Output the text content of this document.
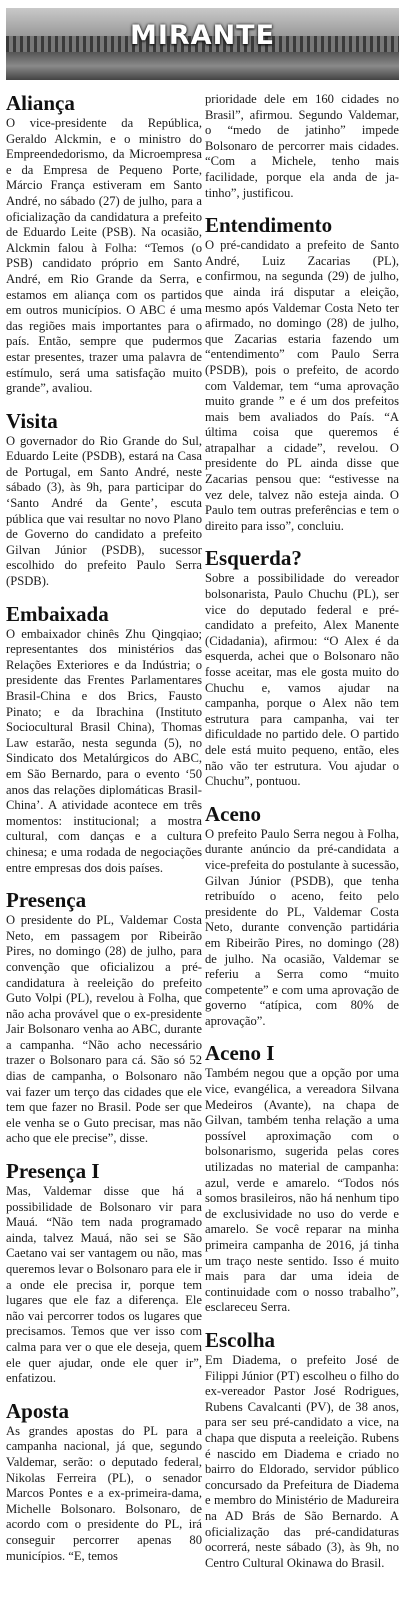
MIRANTE
Aliança

O vice-presidente da República, Geraldo Alckmin, e o ministro do Empreendedorismo, da Microempresa e da Empresa de Pequeno Porte, Márcio França estiveram em Santo André, no sábado (27) de julho, para a oficialização da candidatura a prefeito de Eduardo Leite (PSB). Na ocasião, Alckmin falou à Folha: “Temos (o PSB) candidato próprio em Santo André, em Rio Grande da Serra, e estamos em aliança com os partidos em outros municípios. O ABC é uma das regiões mais importantes para o país. Então, sempre que pudermos estar presentes, trazer uma palavra de estímulo, será uma satisfação muito grande”, avaliou.

Visita

O governador do Rio Grande do Sul, Eduardo Leite (PSDB), estará na Casa de Portugal, em Santo André, neste sábado (3), às 9h, para participar do ‘Santo André da Gente’, escuta pública que vai resultar no novo Plano de Governo do candidato a prefeito Gilvan Júnior (PSDB), sucessor escolhido do prefeito Paulo Serra (PSDB).

Embaixada

O embaixador chinês Zhu Qingqiao; representantes dos ministérios das Relações Exteriores e da Indústria; o presidente das Frentes Parlamentares Brasil-China e dos Brics, Fausto Pinato; e da Ibrachina (Instituto Sociocultural Brasil China), Thomas Law estarão, nesta segunda (5), no Sindicato dos Metalúrgicos do ABC, em São Bernardo, para o evento ‘50 anos das relações diplomáticas Brasil-China’. A atividade acontece em três momentos: institucional; a mostra cultural, com danças e a cultura chinesa; e uma rodada de negociações entre empresas dos dois países.

Presença

O presidente do PL, Valdemar Costa Neto, em passagem por Ribeirão Pires, no domingo (28) de julho, para convenção que oficializou a pré-candidatura à reeleição do prefeito Guto Volpi (PL), revelou à Folha, que não acha provável que o ex-presidente Jair Bolsonaro venha ao ABC, durante a campanha. “Não acho necessário trazer o Bolsonaro para cá. São só 52 dias de campanha, o Bolsonaro não vai fazer um terço das cidades que ele tem que fazer no Brasil. Pode ser que ele venha se o Guto precisar, mas não acho que ele precise”, disse.

Presença I

Mas, Valdemar disse que há a possibilidade de Bolsonaro vir para Mauá. “Não tem nada programado ainda, talvez Mauá, não sei se São Caetano vai ser vantagem ou não, mas queremos levar o Bolsonaro para ele ir a onde ele precisa ir, porque tem lugares que ele faz a diferença. Ele não vai percorrer todos os lugares que precisamos. Temos que ver isso com calma para ver o que ele deseja, quem ele quer ajudar, onde ele quer ir”, enfatizou.

Aposta

As grandes apostas do PL para a campanha nacional, já que, segundo Valdemar, serão: o deputado federal, Nikolas Ferreira (PL), o senador Marcos Pontes e a ex-primeira-dama, Michelle Bolsonaro. Bolsonaro, de acordo com o presidente do PL, irá conseguir percorrer apenas 80 municípios. “E, temos

prioridade dele em 160 cidades no Brasil”, afirmou. Segundo Valdemar, o “medo de jatinho” impede Bolsonaro de percorrer mais cidades. “Com a Michele, tenho mais facilidade, porque ela anda de ja-tinho”, justificou.

Entendimento

O pré-candidato a prefeito de Santo André, Luiz Zacarias (PL), confirmou, na segunda (29) de julho, que ainda irá disputar a eleição, mesmo após Valdemar Costa Neto ter afirmado, no domingo (28) de julho, que Zacarias estaria fazendo um “entendimento” com Paulo Serra (PSDB), pois o prefeito, de acordo com Valdemar, tem “uma aprovação muito grande ” e é um dos prefeitos mais bem avaliados do País. “A última coisa que queremos é atrapalhar a cidade”, revelou. O presidente do PL ainda disse que Zacarias pensou que: “estivesse na vez dele, talvez não esteja ainda. O Paulo tem outras preferências e tem o direito para isso”, concluiu.

Esquerda?

Sobre a possibilidade do vereador bolsonarista, Paulo Chuchu (PL), ser vice do deputado federal e pré-candidato a prefeito, Alex Manente (Cidadania), afirmou: “O Alex é da esquerda, achei que o Bolsonaro não fosse aceitar, mas ele gosta muito do Chuchu e, vamos ajudar na campanha, porque o Alex não tem estrutura para campanha, vai ter dificuldade no partido dele. O partido dele está muito pequeno, então, eles não vão ter estrutura. Vou ajudar o Chuchu”, pontuou.

Aceno

O prefeito Paulo Serra negou à Folha, durante anúncio da pré-candidata a vice-prefeita do postulante à sucessão, Gilvan Júnior (PSDB), que tenha retribuído o aceno, feito pelo presidente do PL, Valdemar Costa Neto, durante convenção partidária em Ribeirão Pires, no domingo (28) de julho. Na ocasião, Valdemar se referiu a Serra como “muito competente” e com uma aprovação de governo “atípica, com 80% de aprovação”.

Aceno I

Também negou que a opção por uma vice, evangélica, a vereadora Silvana Medeiros (Avante), na chapa de Gilvan, também tenha relação a uma possível aproximação com o bolsonarismo, sugerida pelas cores utilizadas no material de campanha: azul, verde e amarelo. “Todos nós somos brasileiros, não há nenhum tipo de exclusividade no uso do verde e amarelo. Se você reparar na minha primeira campanha de 2016, já tinha um traço neste sentido. Isso é muito mais para dar uma ideia de continuidade com o nosso trabalho”, esclareceu Serra.

Escolha

Em Diadema, o prefeito José de Filippi Júnior (PT) escolheu o filho do ex-vereador Pastor José Rodrigues, Rubens Cavalcanti (PV), de 38 anos, para ser seu pré-candidato a vice, na chapa que disputa a reeleição. Rubens é nascido em Diadema e criado no bairro do Eldorado, servidor público concursado da Prefeitura de Diadema e membro do Ministério de Madureira na AD Brás de São Bernardo. A oficialização das pré-candidaturas ocorrerá, neste sábado (3), às 9h, no Centro Cultural Okinawa do Brasil.
